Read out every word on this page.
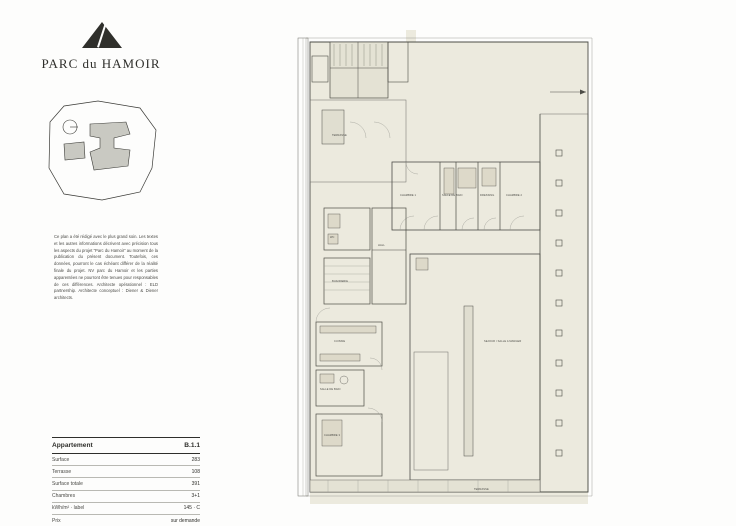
PARC du HAMOIR
Ce plan a été rédigé avec le plus grand soin. Les textes et les autres informations décrivent avec précision tous les aspects du projet “Parc du Hamoir” au moment de la publication du présent document. Toutefois, ces données, pourront le cas échéant différer de la réalité finale du projet. NV parc du Hamoir et les parties apparentées ne pourront être tenues pour responsables de ces différences. Architecte opérationnel : ELD partnership. Architecte conceptuel : Diener & Diener architects.
Appartement	B.1.1
Surface	283
Terrasse	108
Surface totale	391
Chambres	3+1
kWh/m² · label	145 · C
Prix	sur demande
TERRASSE
CHAMBRE 1	SALLE DE BAIN	DRESSING	CHAMBRE 2
HALL
WC
BUANDERIE
CUISINE
SALLE DE BAIN
CHAMBRE 3
SEJOUR / SALLE A MANGER
TERRASSE
